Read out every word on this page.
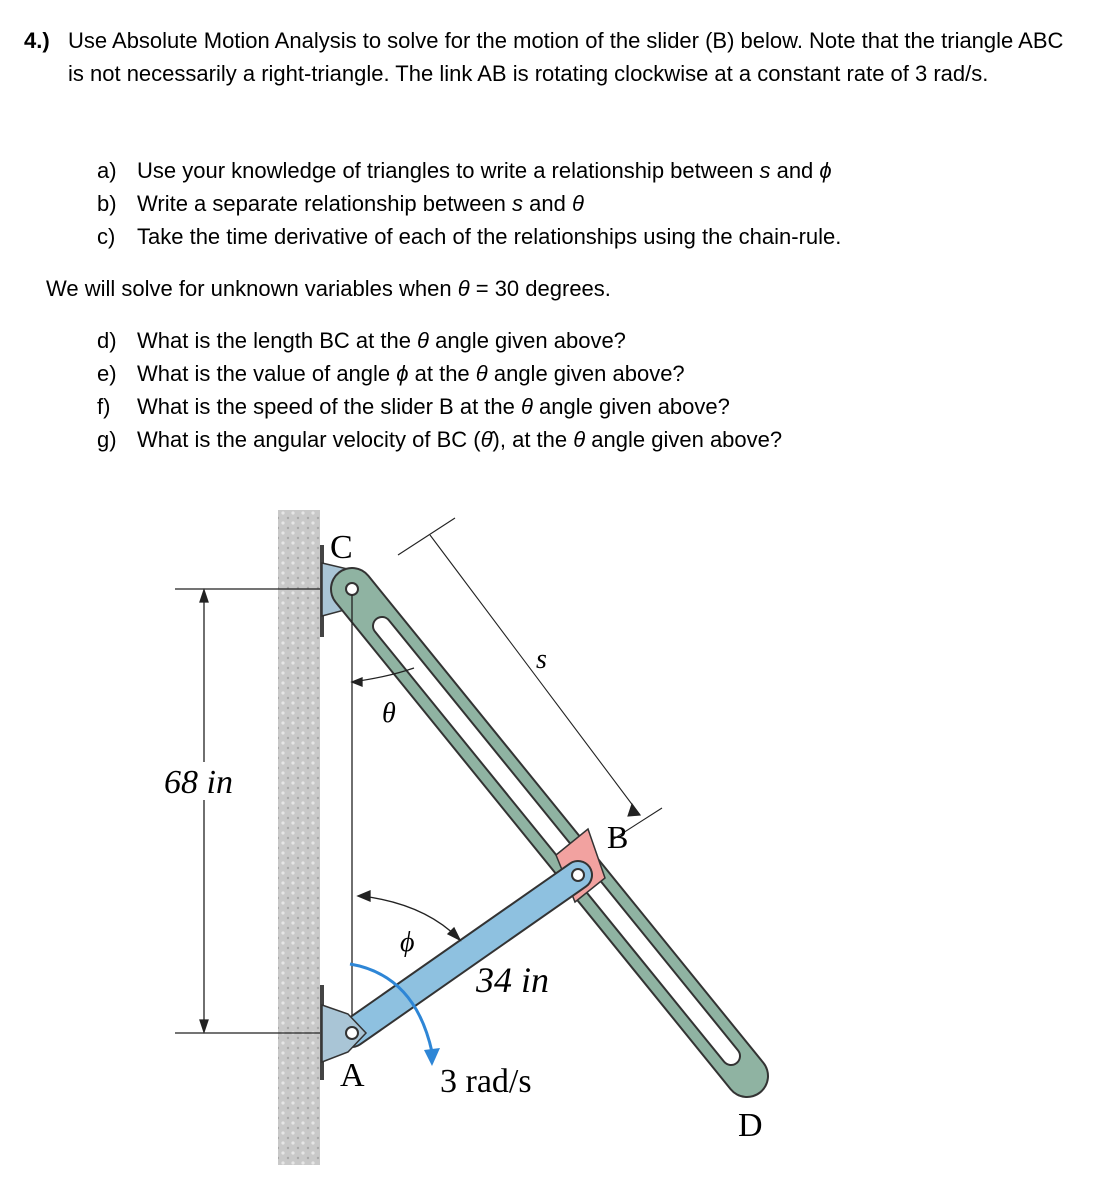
4.) Use Absolute Motion Analysis to solve for the motion of the slider (B) below. Note that the triangle ABC is not necessarily a right-triangle. The link AB is rotating clockwise at a constant rate of 3 rad/s.
a) Use your knowledge of triangles to write a relationship between s and ϕ
b) Write a separate relationship between s and θ
c) Take the time derivative of each of the relationships using the chain-rule.
We will solve for unknown variables when θ = 30 degrees.
d) What is the length BC at the θ angle given above?
e) What is the value of angle ϕ at the θ angle given above?
f)	What is the speed of the slider B at the θ angle given above?
g) What is the angular velocity of BC (θ̇), at the θ angle given above?
68 in
θ
ϕ
s
C
A
B
D
34 in
3 rad/s
